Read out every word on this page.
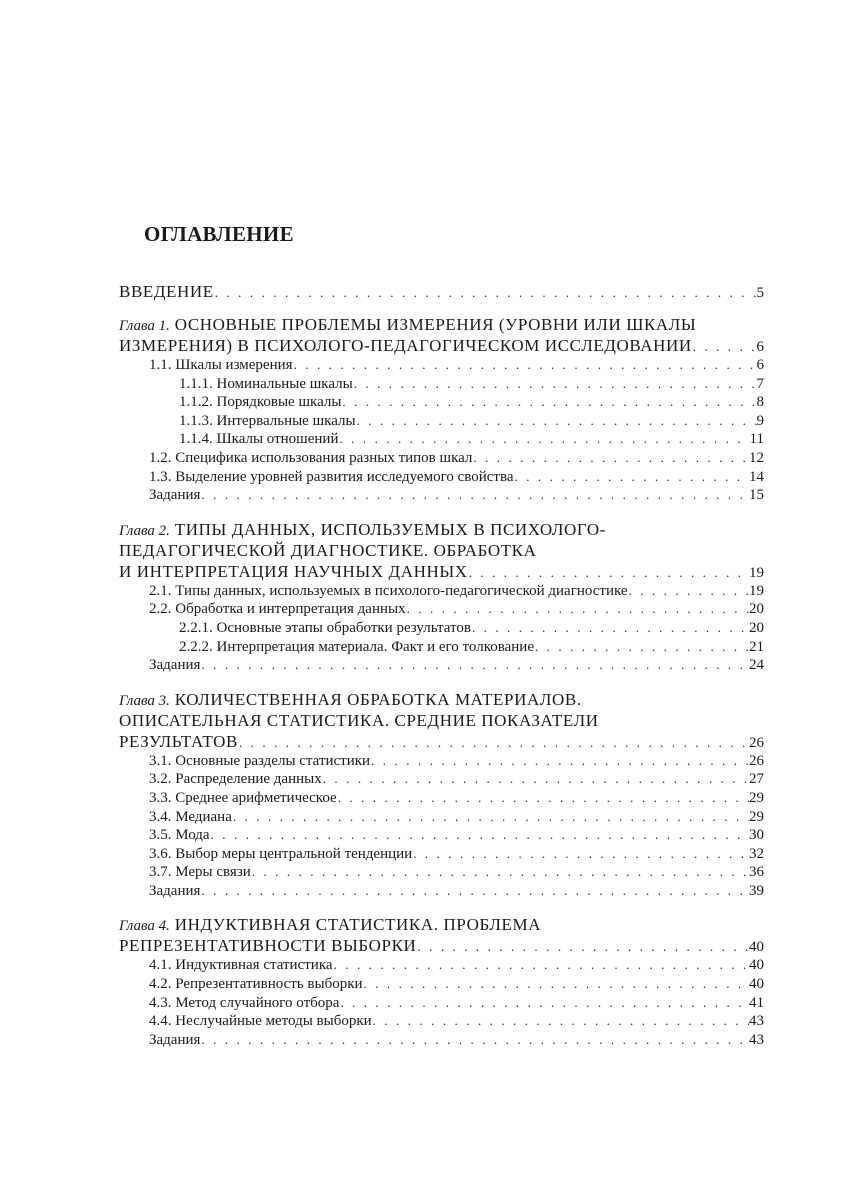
ОГЛАВЛЕНИЕ
ВВЕДЕНИЕ . . .	5
Глава 1.
ОСНОВНЫЕ ПРОБЛЕМЫ ИЗМЕРЕНИЯ (УРОВНИ ИЛИ ШКАЛЫ
ИЗМЕРЕНИЯ) В ПСИХОЛОГО-ПЕДАГОГИЧЕСКОМ ИССЛЕДОВАНИИ . . .	6
1.1. Шкалы измерения . . .	6
1.1.1. Номинальные шкалы . . .	7
1.1.2. Порядковые шкалы . . .	8
1.1.3. Интервальные шкалы . . .	9
1.1.4. Шкалы отношений . . .	11
1.2. Специфика использования разных типов шкал . . .	12
1.3. Выделение уровней развития исследуемого свойства . . .	14
Задания . . .	15
Глава 2.
ТИПЫ ДАННЫХ, ИСПОЛЬЗУЕМЫХ В ПСИХОЛОГО-
ПЕДАГОГИЧЕСКОЙ ДИАГНОСТИКЕ. ОБРАБОТКА
И ИНТЕРПРЕТАЦИЯ НАУЧНЫХ ДАННЫХ . . .	19
2.1. Типы данных, используемых в психолого-педагогической диагностике . . .	19
2.2. Обработка и интерпретация данных . . .	20
2.2.1. Основные этапы обработки результатов . . .	20
2.2.2. Интерпретация материала. Факт и его толкование . . .	21
Задания . . .	24
Глава 3.
КОЛИЧЕСТВЕННАЯ ОБРАБОТКА МАТЕРИАЛОВ.
ОПИСАТЕЛЬНАЯ СТАТИСТИКА. СРЕДНИЕ ПОКАЗАТЕЛИ
РЕЗУЛЬТАТОВ . . .	26
3.1. Основные разделы статистики . . .	26
3.2. Распределение данных . . .	27
3.3. Среднее арифметическое . . .	29
3.4. Медиана . . .	29
3.5. Мода . . .	30
3.6. Выбор меры центральной тенденции . . .	32
3.7. Меры связи . . .	36
Задания . . .	39
Глава 4.
ИНДУКТИВНАЯ СТАТИСТИКА. ПРОБЛЕМА
РЕПРЕЗЕНТАТИВНОСТИ ВЫБОРКИ . . .	40
4.1. Индуктивная статистика . . .	40
4.2. Репрезентативность выборки . . .	40
4.3. Метод случайного отбора . . .	41
4.4. Неслучайные методы выборки . . .	43
Задания . . .	43
